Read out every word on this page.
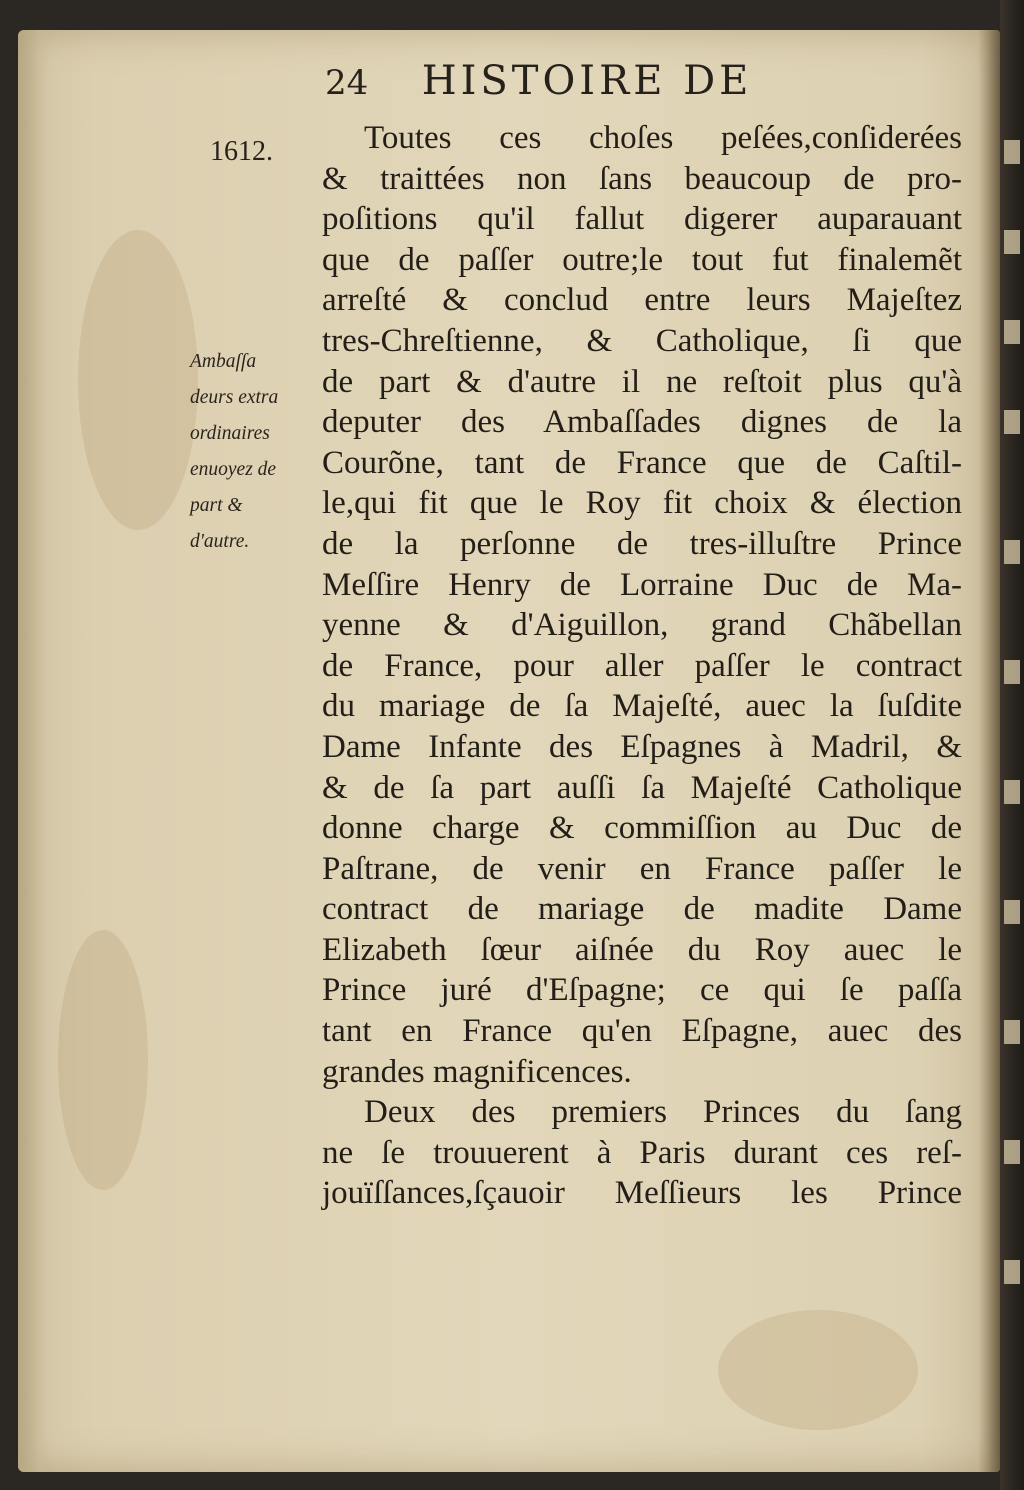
24 HISTOIRE DE
1612.
Ambaſſa
deurs extra
ordinaires
enuoyez de
part &
d'autre.
Toutes ces choſes peſées,conſiderées
& traittées non ſans beaucoup de pro-
poſitions qu'il fallut digerer auparauant
que de paſſer outre;le tout fut finalemẽt
arreſté & conclud entre leurs Majeſtez
tres-Chreſtienne, & Catholique, ſi que
de part & d'autre il ne reſtoit plus qu'à
deputer des Ambaſſades dignes de la
Courõne, tant de France que de Caſtil-
le,qui fit que le Roy fit choix & élection
de la perſonne de tres-illuſtre Prince
Meſſire Henry de Lorraine Duc de Ma-
yenne & d'Aiguillon, grand Chãbellan
de France, pour aller paſſer le contract
du mariage de ſa Majeſté, auec la ſuſdite
Dame Infante des Eſpagnes à Madril, &
& de ſa part auſſi ſa Majeſté Catholique
donne charge & commiſſion au Duc de
Paſtrane, de venir en France paſſer le
contract de mariage de madite Dame
Elizabeth ſœur aiſnée du Roy auec le
Prince juré d'Eſpagne; ce qui ſe paſſa
tant en France qu'en Eſpagne, auec des
grandes magnificences.
Deux des premiers Princes du ſang
ne ſe trouuerent à Paris durant ces reſ-
jouïſſances,ſçauoir Meſſieurs les Prince
